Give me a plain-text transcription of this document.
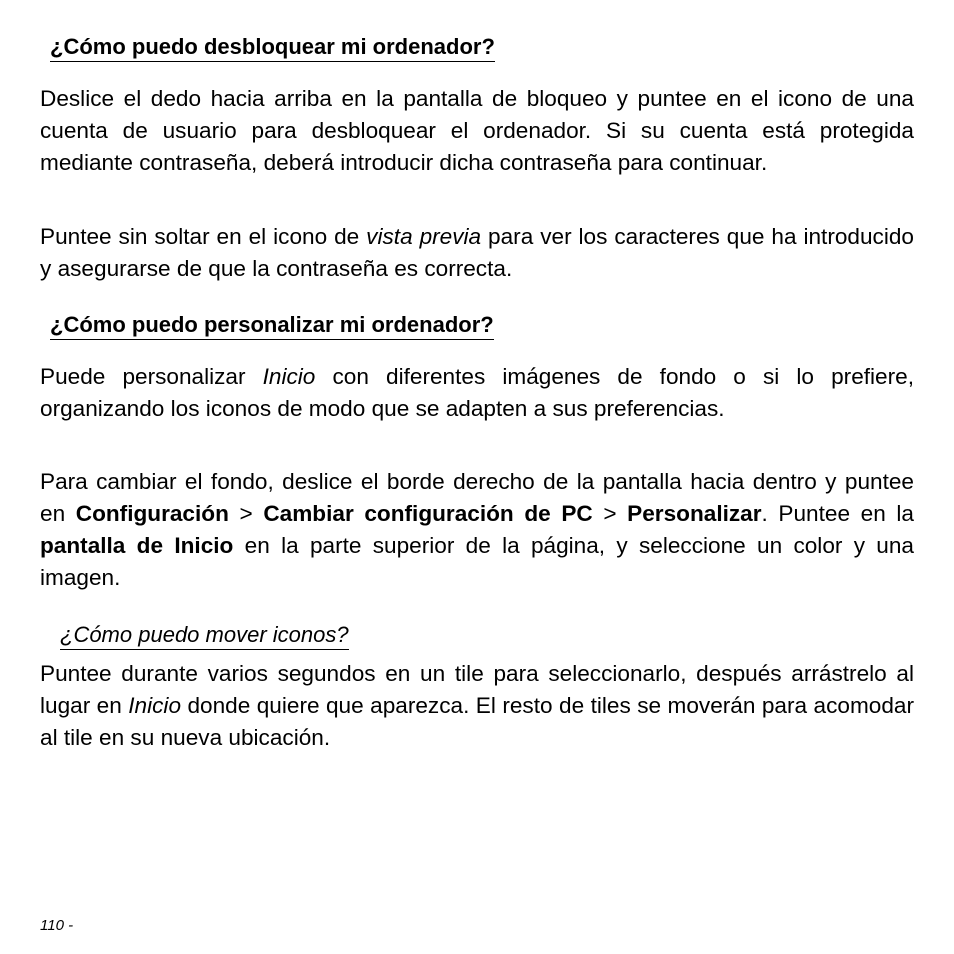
¿Cómo puedo desbloquear mi ordenador?

Deslice el dedo hacia arriba en la pantalla de bloqueo y puntee en el icono de una cuenta de usuario para desbloquear el ordenador. Si su cuenta está protegida mediante contraseña, deberá introducir dicha contraseña para continuar.

Puntee sin soltar en el icono de vista previa para ver los caracteres que ha introducido y asegurarse de que la contraseña es correcta.

¿Cómo puedo personalizar mi ordenador?

Puede personalizar Inicio con diferentes imágenes de fondo o si lo prefiere, organizando los iconos de modo que se adapten a sus preferencias.

Para cambiar el fondo, deslice el borde derecho de la pantalla hacia dentro y puntee en Configuración > Cambiar configuración de PC > Personalizar. Puntee en la pantalla de Inicio en la parte superior de la página, y seleccione un color y una imagen.

¿Cómo puedo mover iconos?

Puntee durante varios segundos en un tile para seleccionarlo, después arrástrelo al lugar en Inicio donde quiere que aparezca. El resto de tiles se moverán para acomodar al tile en su nueva ubicación.

110 -
